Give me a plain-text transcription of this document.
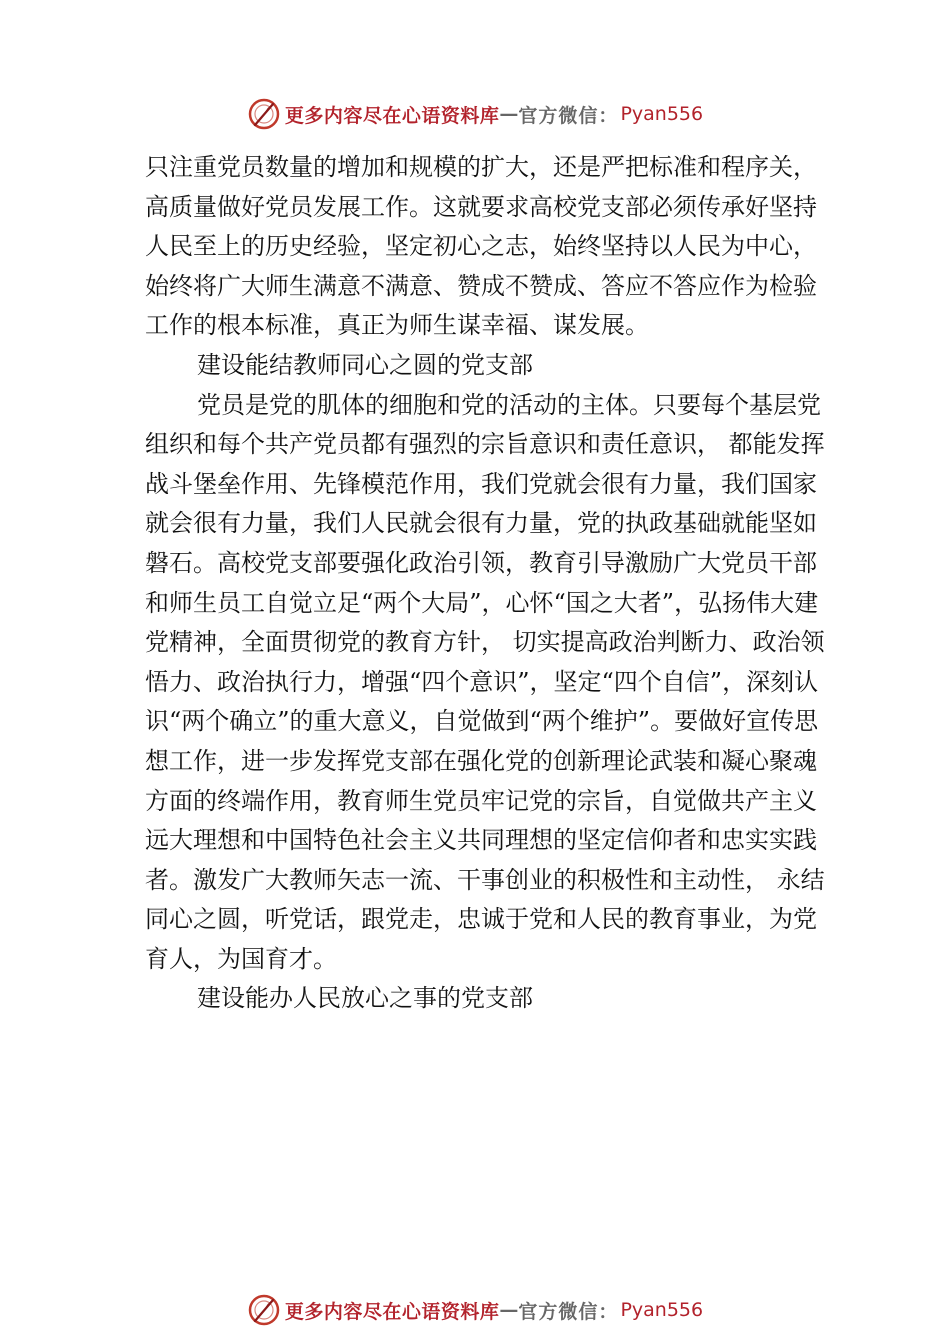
更多内容尽在心语资料库 — 官方微信： Pyan556

只注重党员数量的增加和规模的扩大，还是严把标准和程序关，高质量做好党员发展工作。这就要求高校党支部必须传承好坚持人民至上的历史经验，坚定初心之志，始终坚持以人民为中心，始终将广大师生满意不满意、赞成不赞成、答应不答应作为检验工作的根本标准，真正为师生谋幸福、谋发展。

建设能结教师同心之圆的党支部

党员是党的肌体的细胞和党的活动的主体。只要每个基层党组织和每个共产党员都有强烈的宗旨意识和责任意识， 都能发挥战斗堡垒作用、先锋模范作用，我们党就会很有力量，我们国家就会很有力量，我们人民就会很有力量，党的执政基础就能坚如磐石。高校党支部要强化政治引领，教育引导激励广大党员干部和师生员工自觉立足“两个大局”，心怀“国之大者”，弘扬伟大建党精神，全面贯彻党的教育方针， 切实提高政治判断力、政治领悟力、政治执行力，增强“四个意识”，坚定“四个自信”，深刻认识“两个确立”的重大意义，自觉做到“两个维护”。要做好宣传思想工作，进一步发挥党支部在强化党的创新理论武装和凝心聚魂方面的终端作用，教育师生党员牢记党的宗旨，自觉做共产主义远大理想和中国特色社会主义共同理想的坚定信仰者和忠实实践者。激发广大教师矢志一流、干事创业的积极性和主动性， 永结同心之圆，听党话，跟党走，忠诚于党和人民的教育事业，为党育人，为国育才。

建设能办人民放心之事的党支部

更多内容尽在心语资料库 — 官方微信： Pyan556
